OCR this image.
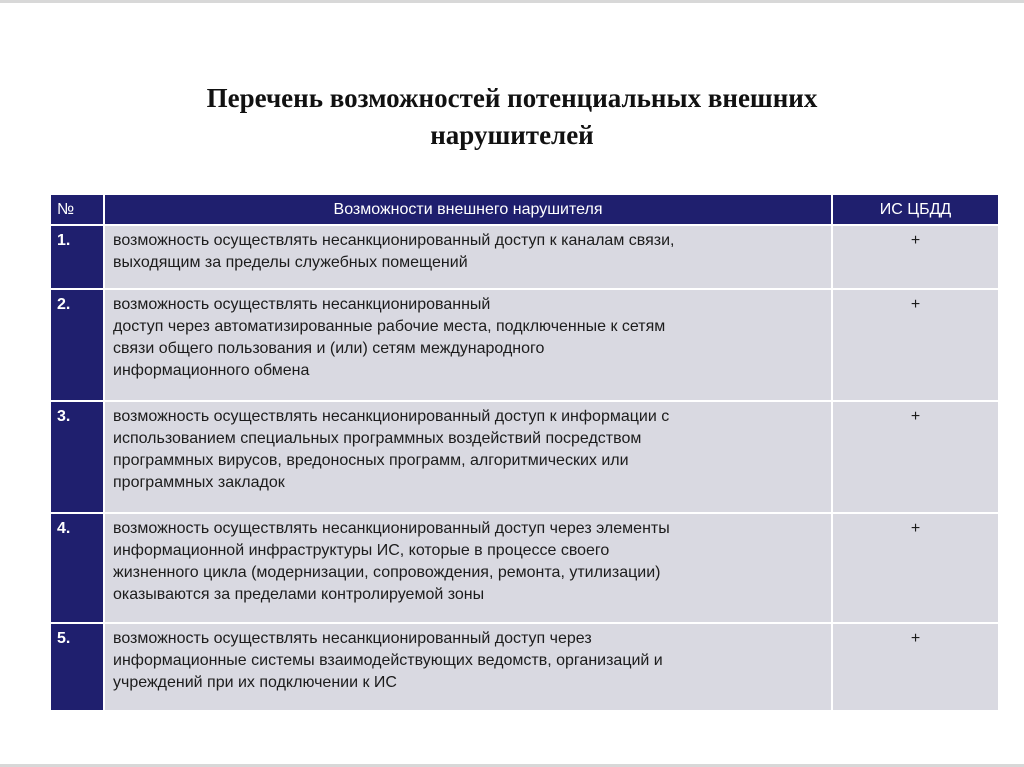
Перечень возможностей потенциальных внешних
нарушителей
№	Возможности внешнего нарушителя	ИС ЦБДД
1.	возможность осуществлять несанкционированный доступ к каналам связи,
выходящим за пределы служебных помещений	+
2.	возможность осуществлять несанкционированный
доступ через автоматизированные рабочие места, подключенные к сетям
связи общего пользования и (или) сетям международного
информационного обмена	+
3.	возможность осуществлять несанкционированный доступ к информации с
использованием специальных программных воздействий посредством
программных вирусов, вредоносных программ, алгоритмических или
программных закладок	+
4.	возможность осуществлять несанкционированный доступ через элементы
информационной инфраструктуры ИС, которые в процессе своего
жизненного цикла (модернизации, сопровождения, ремонта, утилизации)
оказываются за пределами контролируемой зоны	+
5.	возможность осуществлять несанкционированный доступ через
информационные системы взаимодействующих ведомств, организаций и
учреждений при их подключении к ИС	+
